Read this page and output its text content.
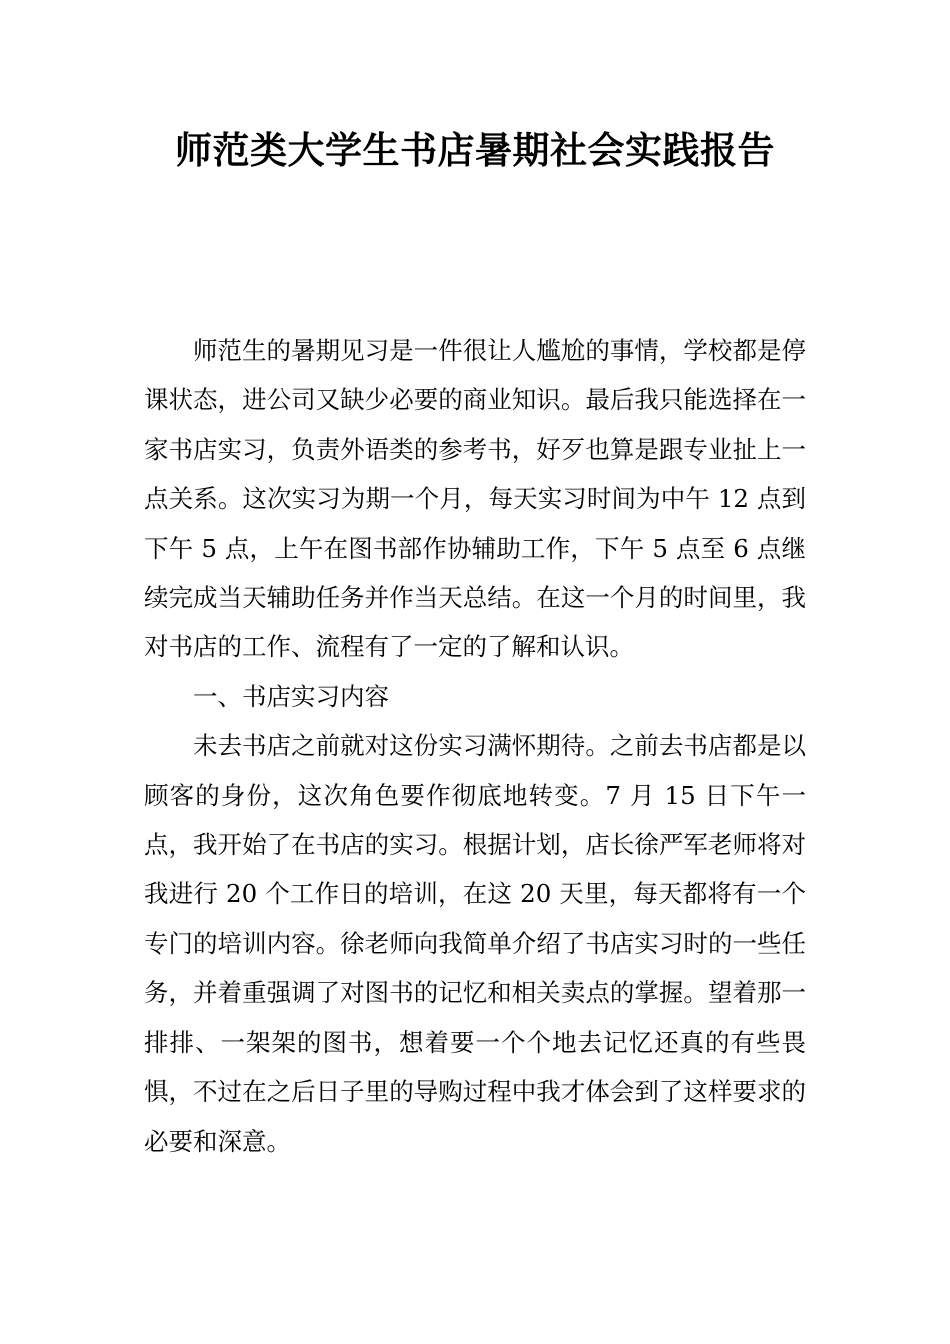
师范类大学生书店暑期社会实践报告

师范生的暑期见习是一件很让人尴尬的事情，学校都是停课状态，进公司又缺少必要的商业知识。最后我只能选择在一家书店实习，负责外语类的参考书，好歹也算是跟专业扯上一点关系。这次实习为期一个月，每天实习时间为中午 12 点到下午 5 点，上午在图书部作协辅助工作，下午 5 点至 6 点继续完成当天辅助任务并作当天总结。在这一个月的时间里，我对书店的工作、流程有了一定的了解和认识。

一、书店实习内容

未去书店之前就对这份实习满怀期待。之前去书店都是以顾客的身份，这次角色要作彻底地转变。7 月 15 日下午一点，我开始了在书店的实习。根据计划，店长徐严军老师将对我进行 20 个工作日的培训，在这 20 天里，每天都将有一个专门的培训内容。徐老师向我简单介绍了书店实习时的一些任务，并着重强调了对图书的记忆和相关卖点的掌握。望着那一排排、一架架的图书，想着要一个个地去记忆还真的有些畏惧，不过在之后日子里的导购过程中我才体会到了这样要求的必要和深意。
